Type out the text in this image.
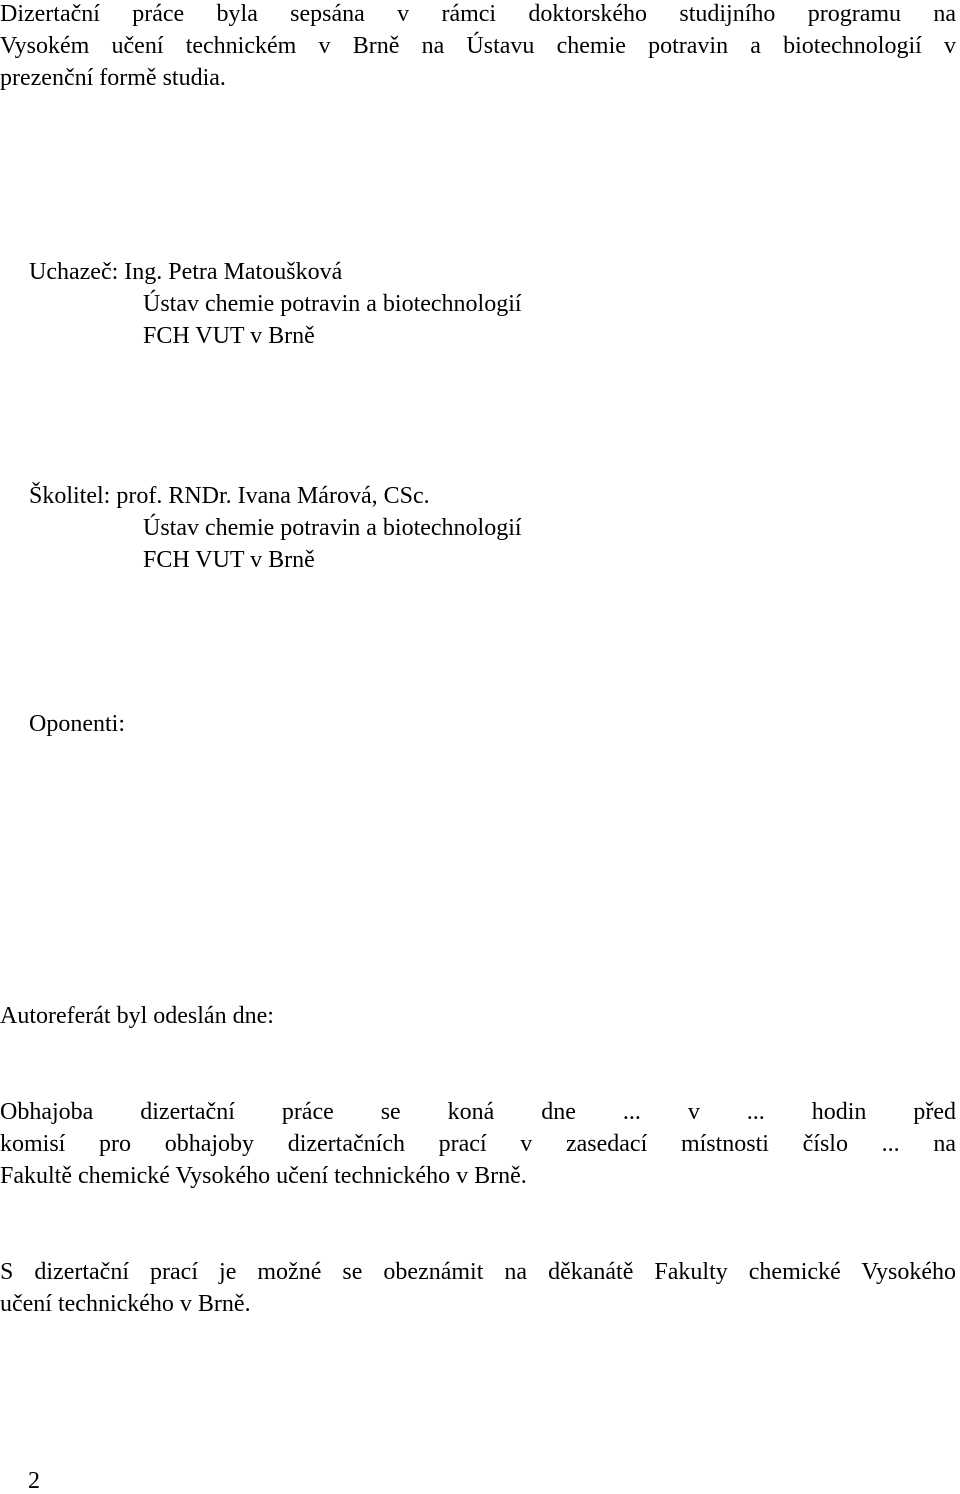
Dizertační práce byla sepsána v rámci doktorského studijního programu na
Vysokém učení technickém v Brně na Ústavu chemie potravin a biotechnologií v
prezenční formě studia.
Uchazeč: Ing. Petra Matoušková
Ústav chemie potravin a biotechnologií
FCH VUT v Brně
Školitel: prof. RNDr. Ivana Márová, CSc.
Ústav chemie potravin a biotechnologií
FCH VUT v Brně
Oponenti:
Autoreferát byl odeslán dne:
Obhajoba dizertační práce se koná dne ... v ... hodin před
komisí pro obhajoby dizertačních prací v zasedací místnosti číslo ... na
Fakultě chemické Vysokého učení technického v Brně.
S dizertační prací je možné se obeznámit na děkanátě Fakulty chemické Vysokého
učení technického v Brně.
2
